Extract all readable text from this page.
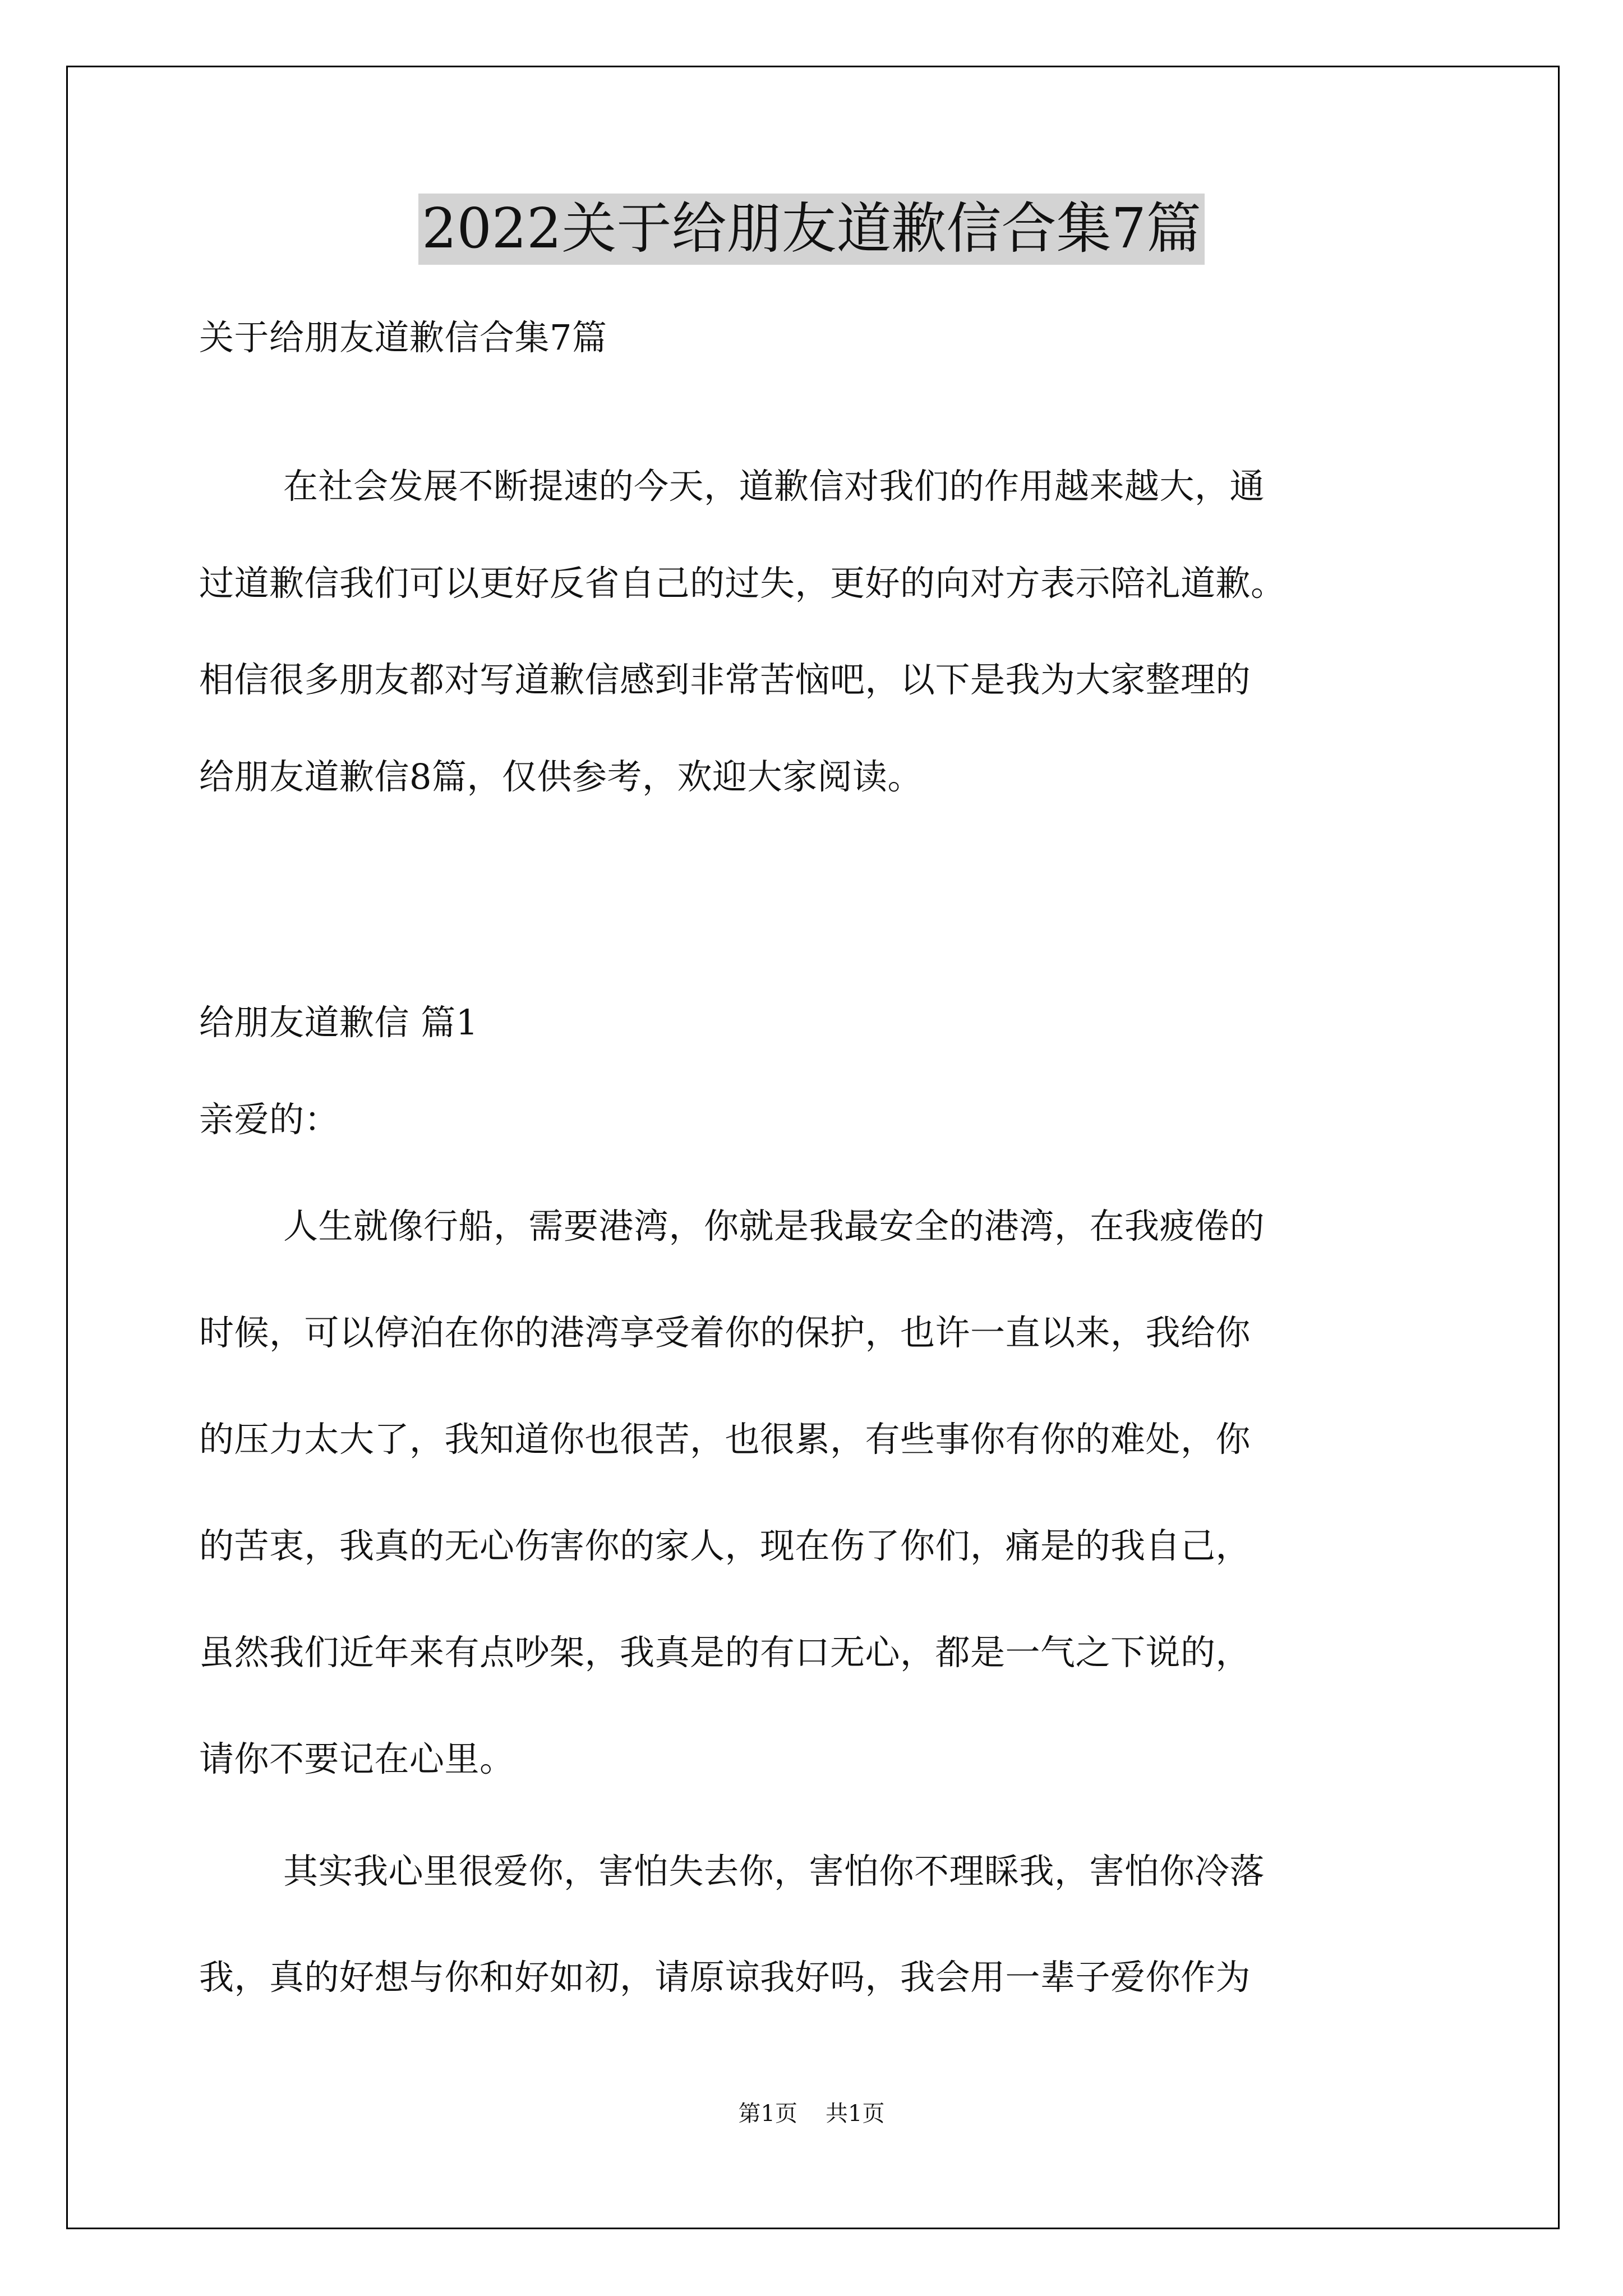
2022关于给朋友道歉信合集7篇
关于给朋友道歉信合集7篇
在社会发展不断提速的今天，道歉信对我们的作用越来越大，通
过道歉信我们可以更好反省自己的过失，更好的向对方表示陪礼道歉。
相信很多朋友都对写道歉信感到非常苦恼吧，以下是我为大家整理的
给朋友道歉信8篇，仅供参考，欢迎大家阅读。
给朋友道歉信 篇1
亲爱的：
人生就像行船，需要港湾，你就是我最安全的港湾，在我疲倦的
时候，可以停泊在你的港湾享受着你的保护，也许一直以来，我给你
的压力太大了，我知道你也很苦，也很累，有些事你有你的难处，你
的苦衷，我真的无心伤害你的家人，现在伤了你们，痛是的我自己，
虽然我们近年来有点吵架，我真是的有口无心，都是一气之下说的，
请你不要记在心里。
其实我心里很爱你，害怕失去你，害怕你不理睬我，害怕你冷落
我，真的好想与你和好如初，请原谅我好吗，我会用一辈子爱你作为
第1页 共1页
